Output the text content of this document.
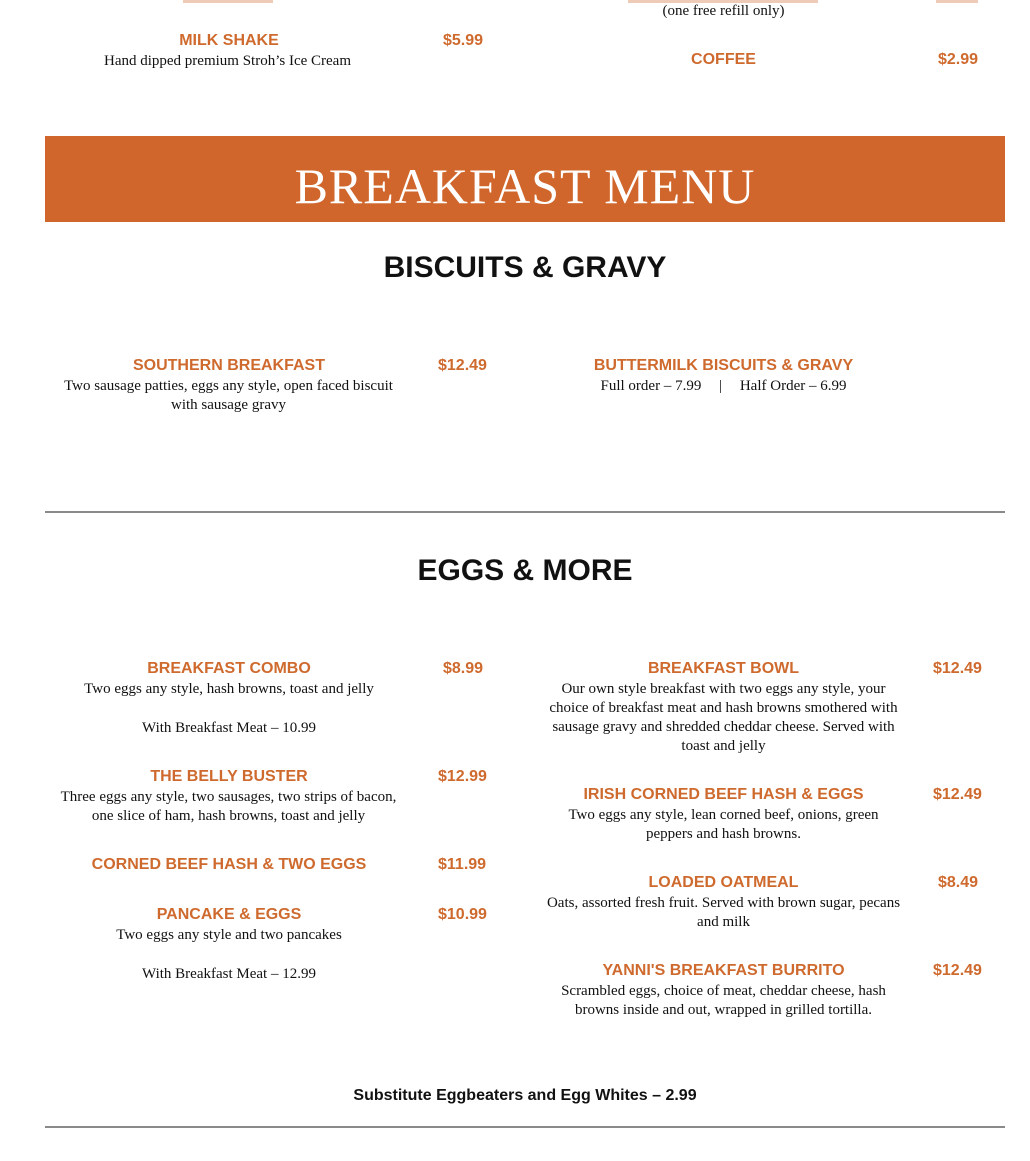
(one free refill only)
MILK SHAKE	$5.99
Hand dipped premium Stroh’s Ice Cream	COFFEE	$2.99
BREAKFAST MENU
BISCUITS & GRAVY
SOUTHERN BREAKFAST	$12.49
Two sausage patties, eggs any style, open faced biscuit
with sausage gravy
BUTTERMILK BISCUITS & GRAVY
Full order – 7.99 | Half Order – 6.99
EGGS & MORE
BREAKFAST COMBO	$8.99
Two eggs any style, hash browns, toast and jelly
With Breakfast Meat – 10.99
THE BELLY BUSTER	$12.99
Three eggs any style, two sausages, two strips of bacon,
one slice of ham, hash browns, toast and jelly
CORNED BEEF HASH & TWO EGGS	$11.99
PANCAKE & EGGS	$10.99
Two eggs any style and two pancakes
With Breakfast Meat – 12.99
BREAKFAST BOWL	$12.49
Our own style breakfast with two eggs any style, your
choice of breakfast meat and hash browns smothered with
sausage gravy and shredded cheddar cheese. Served with
toast and jelly
IRISH CORNED BEEF HASH & EGGS	$12.49
Two eggs any style, lean corned beef, onions, green
peppers and hash browns.
LOADED OATMEAL	$8.49
Oats, assorted fresh fruit. Served with brown sugar, pecans
and milk
YANNI'S BREAKFAST BURRITO	$12.49
Scrambled eggs, choice of meat, cheddar cheese, hash
browns inside and out, wrapped in grilled tortilla.
Substitute Eggbeaters and Egg Whites – 2.99
